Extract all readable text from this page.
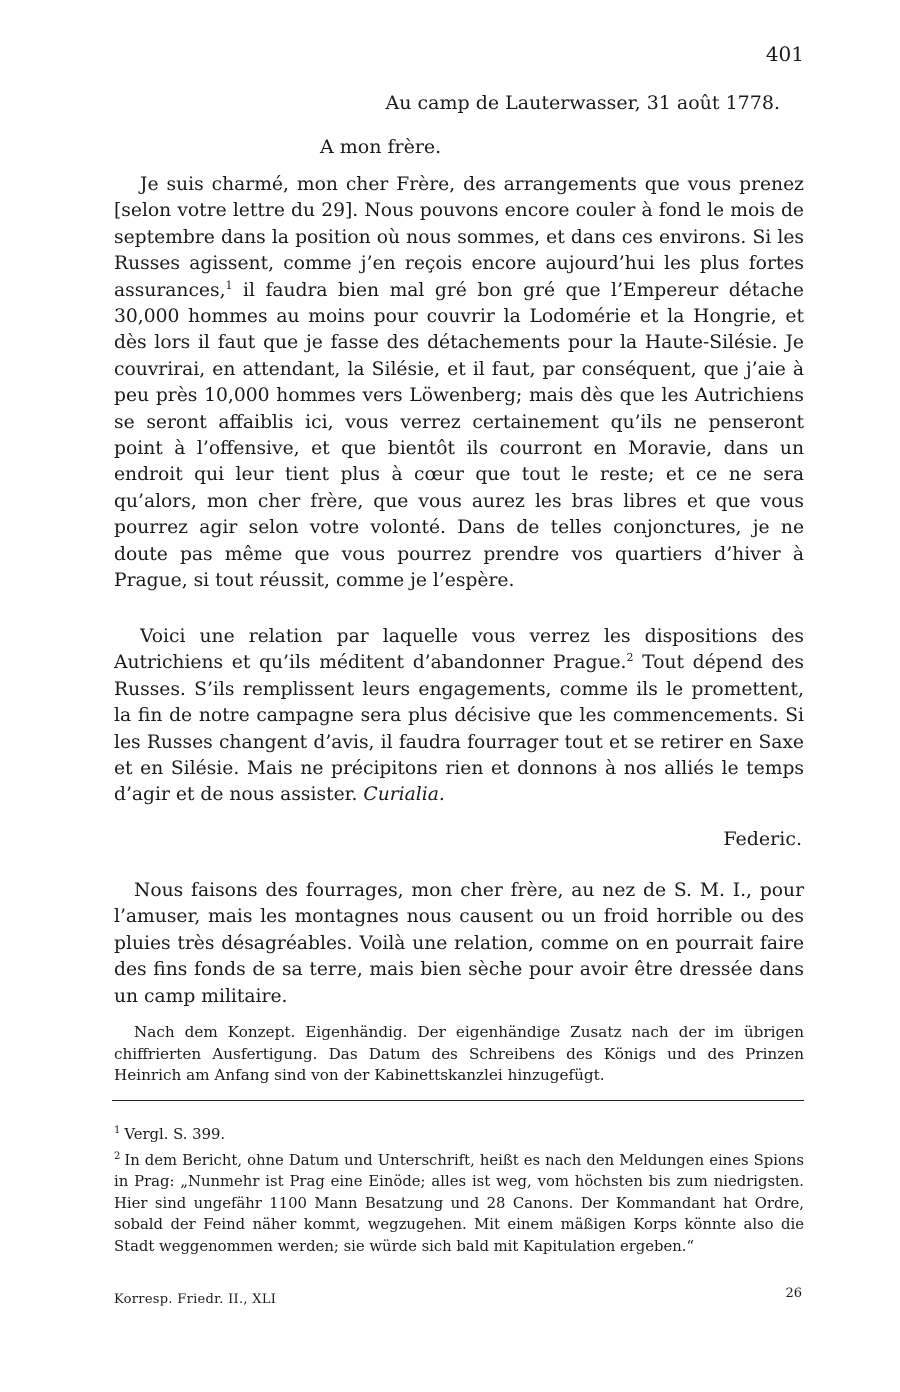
401
Au camp de Lauterwasser, 31 août 1778.
A mon frère.
Je suis charmé, mon cher Frère, des arrangements que vous prenez [selon votre lettre du 29]. Nous pouvons encore couler à fond le mois de septembre dans la position où nous sommes, et dans ces environs. Si les Russes agissent, comme j’en reçois encore aujourd’hui les plus fortes assurances,$^1$ il faudra bien mal gré bon gré que l’Empereur détache 30,000 hommes au moins pour couvrir la Lodomérie et la Hongrie, et dès lors il faut que je fasse des détachements pour la Haute-Silésie. Je couvrirai, en attendant, la Silésie, et il faut, par conséquent, que j’aie à peu près 10,000 hommes vers Löwenberg; mais dès que les Autrichiens se seront affaiblis ici, vous verrez certainement qu’ils ne penseront point à l’offensive, et que bientôt ils courront en Moravie, dans un endroit qui leur tient plus à cœur que tout le reste; et ce ne sera qu’alors, mon cher frère, que vous aurez les bras libres et que vous pourrez agir selon votre volonté. Dans de telles conjonctures, je ne doute pas même que vous pourrez prendre vos quartiers d’hiver à Prague, si tout réussit, comme je l’espère.
Voici une relation par laquelle vous verrez les dispositions des Autrichiens et qu’ils méditent d’abandonner Prague.$^2$ Tout dépend des Russes. S’ils remplissent leurs engagements, comme ils le promettent, la fin de notre campagne sera plus décisive que les commencements. Si les Russes changent d’avis, il faudra fourrager tout et se retirer en Saxe et en Silésie. Mais ne précipitons rien et donnons à nos alliés le temps d’agir et de nous assister. Curialia.
Federic.
Nous faisons des fourrages, mon cher frère, au nez de S. M. I., pour l’amuser, mais les montagnes nous causent ou un froid horrible ou des pluies très désagréables. Voilà une relation, comme on en pourrait faire des fins fonds de sa terre, mais bien sèche pour avoir être dressée dans un camp militaire.
Nach dem Konzept. Eigenhändig. Der eigenhändige Zusatz nach der im übrigen chiffrierten Ausfertigung. Das Datum des Schreibens des Königs und des Prinzen Heinrich am Anfang sind von der Kabinettskanzlei hinzugefügt.

$^1$ Vergl. S. 399.

$^2$ In dem Bericht, ohne Datum und Unterschrift, heißt es nach den Meldungen eines Spions in Prag: „Nunmehr ist Prag eine Einöde; alles ist weg, vom höchsten bis zum niedrigsten. Hier sind ungefähr 1100 Mann Besatzung und 28 Canons. Der Kommandant hat Ordre, sobald der Feind näher kommt, wegzugehen. Mit einem mäßigen Korps könnte also die Stadt weggenommen werden; sie würde sich bald mit Kapitulation ergeben.“

Korresp. Friedr. II., XLI	26
